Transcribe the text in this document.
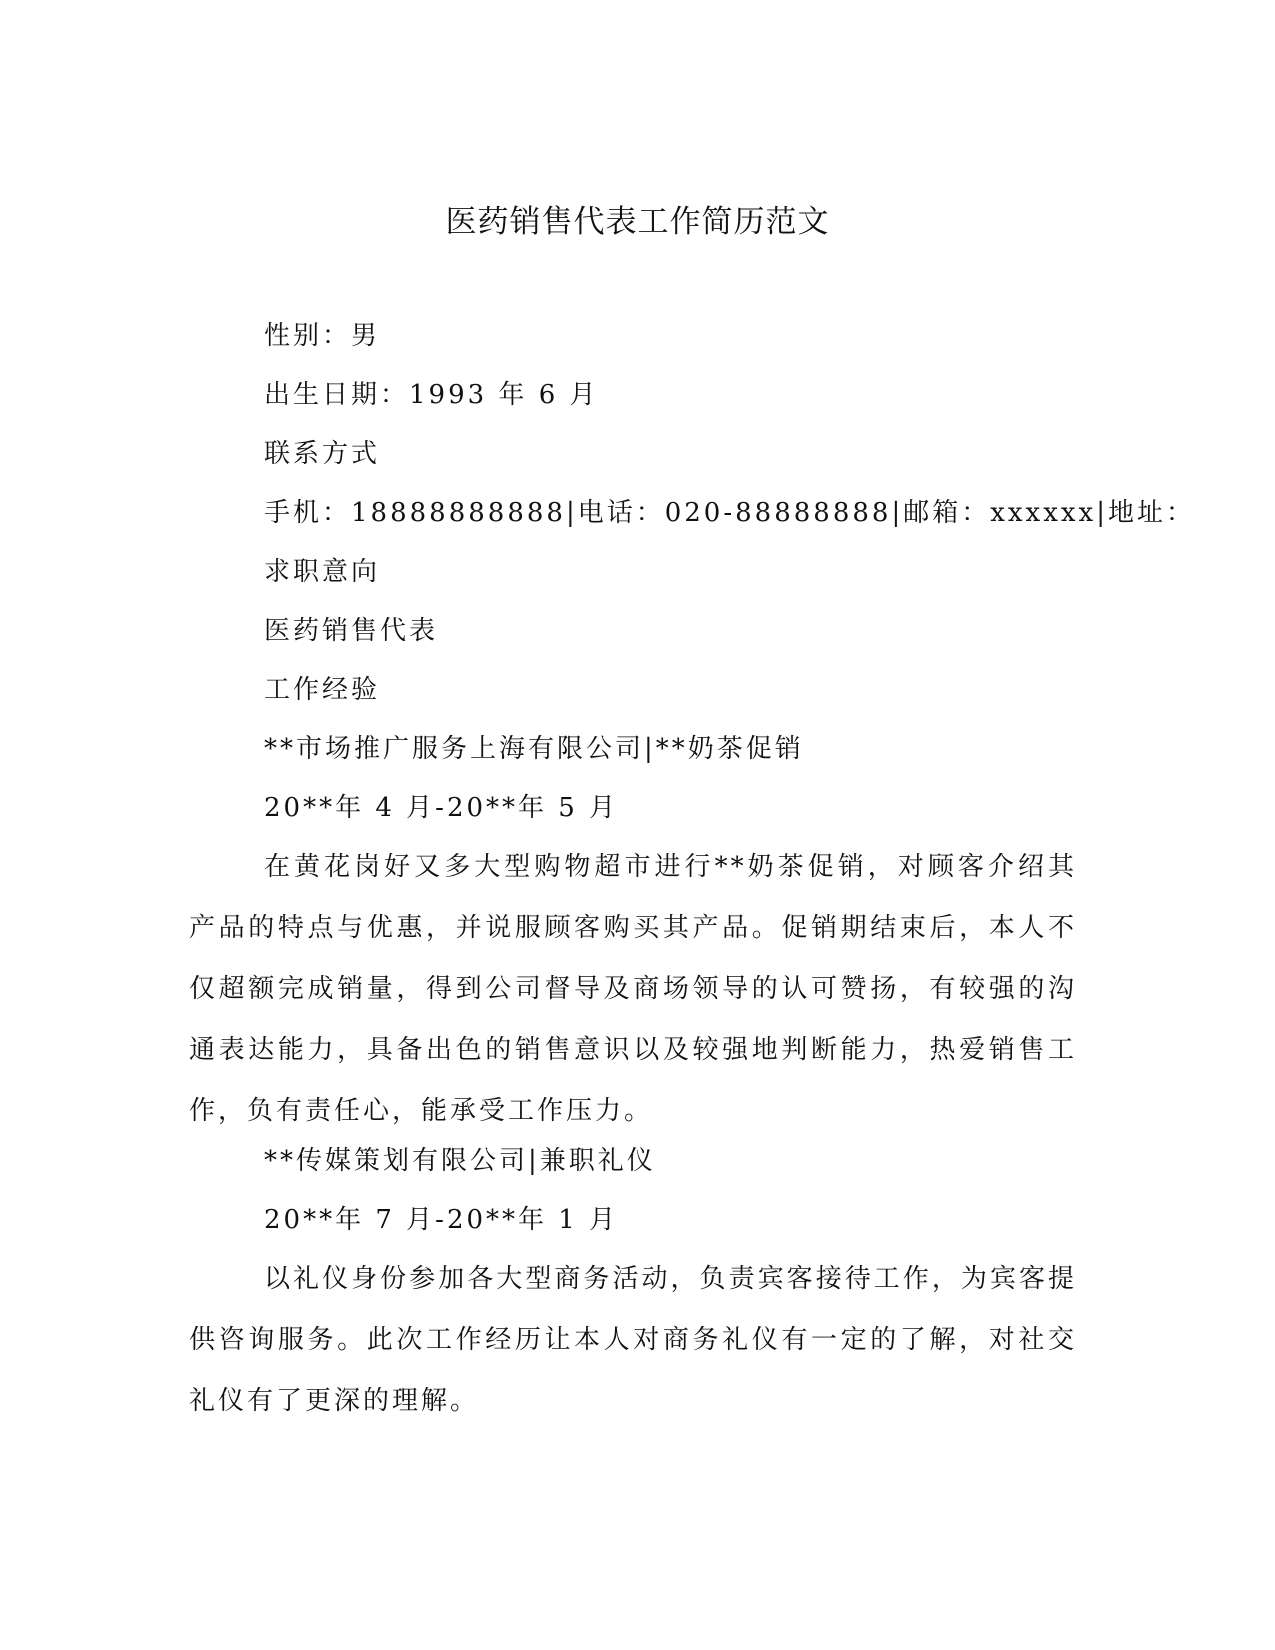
医药销售代表工作简历范文

性别：男

出生日期：1993 年 6 月

联系方式

手机：18888888888|电话：020-88888888|邮箱：xxxxxx|地址：

求职意向

医药销售代表

工作经验

**市场推广服务上海有限公司|**奶茶促销

20**年 4 月-20**年 5 月

在黄花岗好又多大型购物超市进行**奶茶促销，对顾客介绍其产品的特点与优惠，并说服顾客购买其产品。促销期结束后，本人不仅超额完成销量，得到公司督导及商场领导的认可赞扬，有较强的沟通表达能力，具备出色的销售意识以及较强地判断能力，热爱销售工作，负有责任心，能承受工作压力。

**传媒策划有限公司|兼职礼仪

20**年 7 月-20**年 1 月

以礼仪身份参加各大型商务活动，负责宾客接待工作，为宾客提供咨询服务。此次工作经历让本人对商务礼仪有一定的了解，对社交礼仪有了更深的理解。
